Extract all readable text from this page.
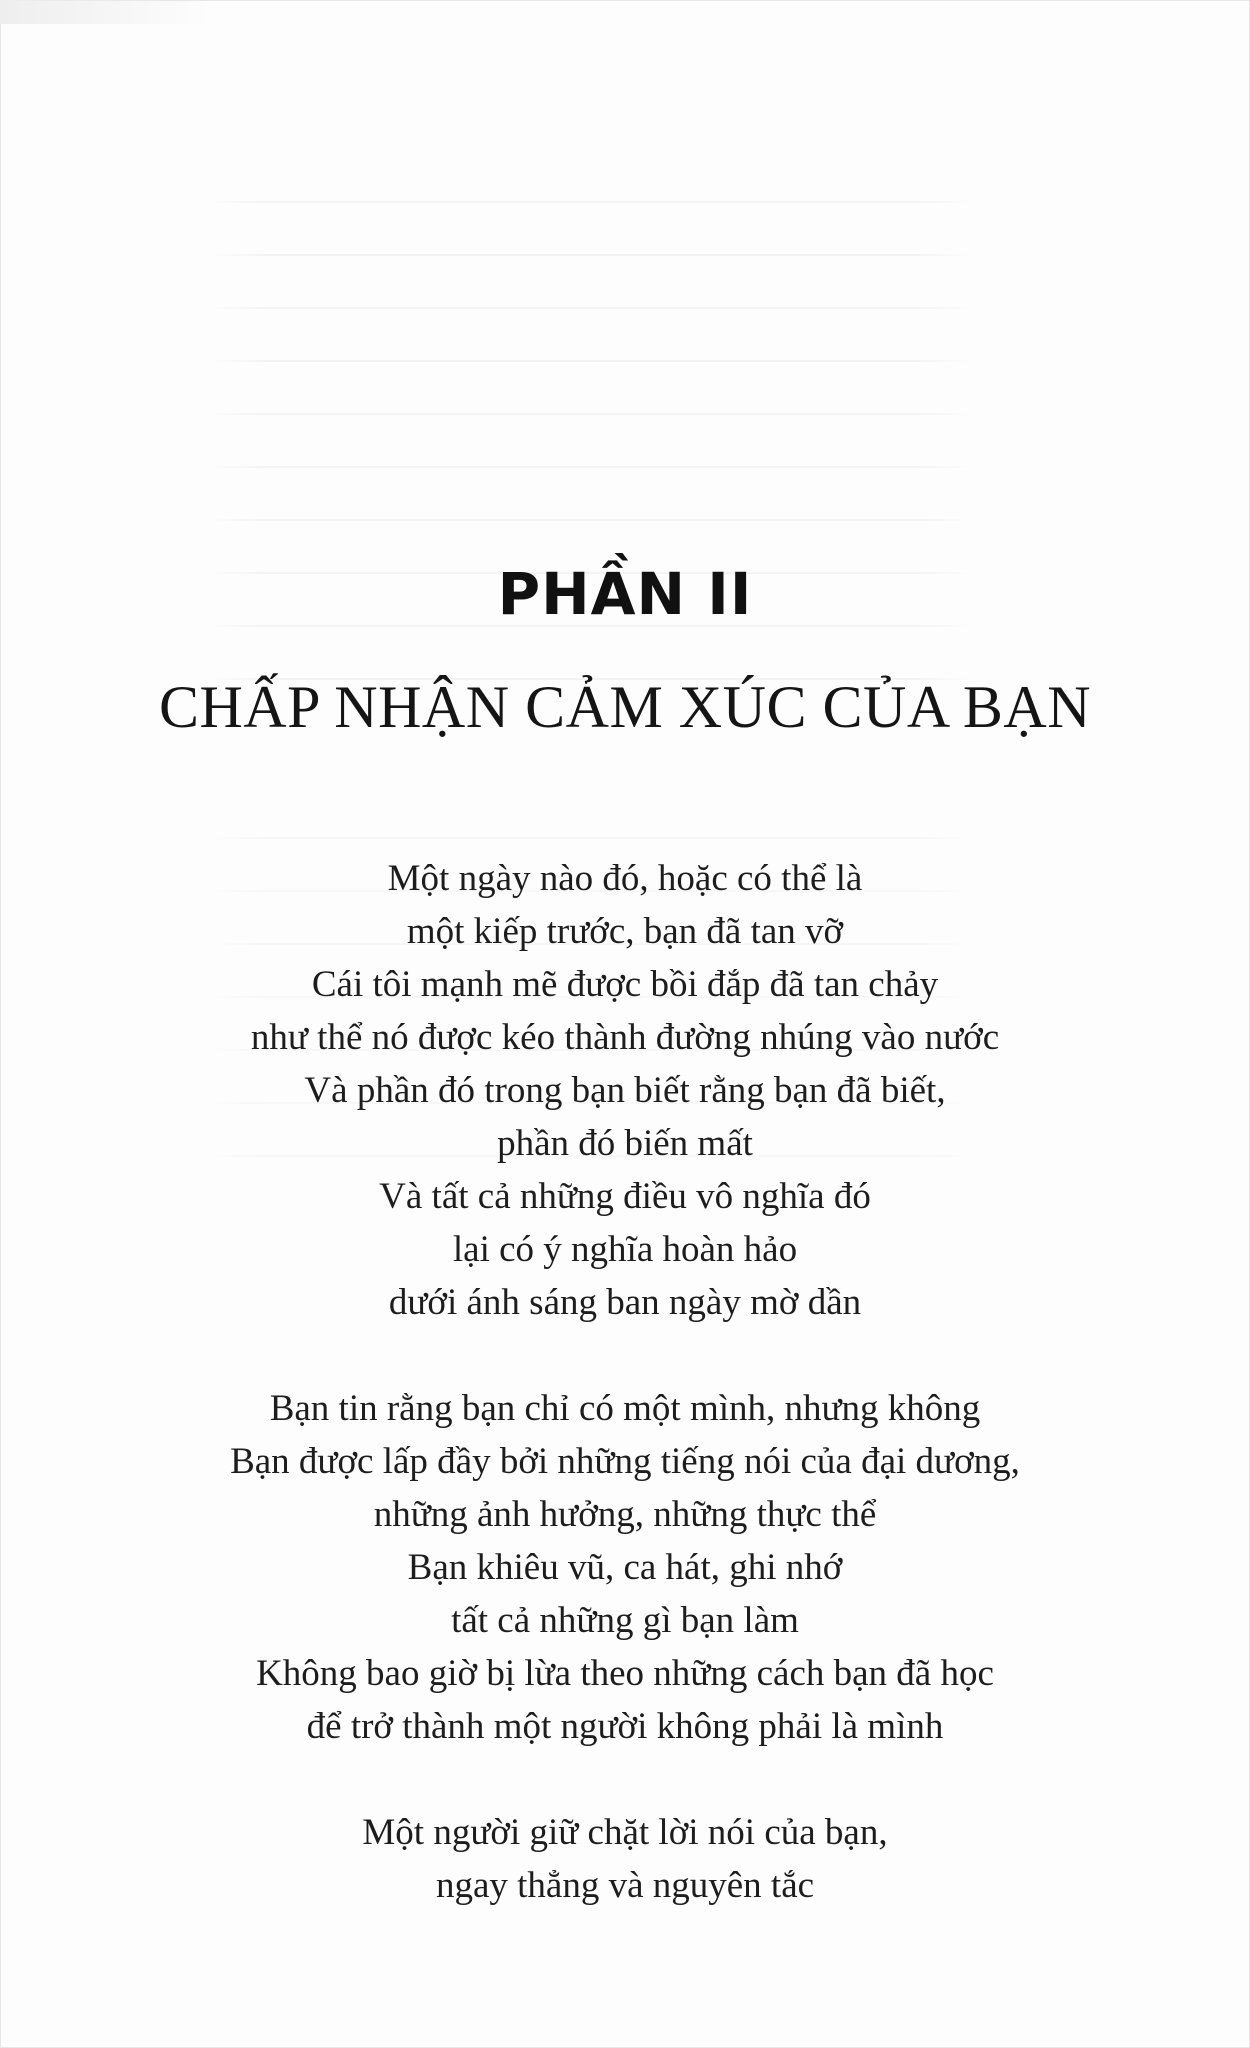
PHẦN II
CHẤP NHẬN CẢM XÚC CỦA BẠN
Một ngày nào đó, hoặc có thể là
một kiếp trước, bạn đã tan vỡ
Cái tôi mạnh mẽ được bồi đắp đã tan chảy
như thể nó được kéo thành đường nhúng vào nước
Và phần đó trong bạn biết rằng bạn đã biết,
phần đó biến mất
Và tất cả những điều vô nghĩa đó
lại có ý nghĩa hoàn hảo
dưới ánh sáng ban ngày mờ dần
Bạn tin rằng bạn chỉ có một mình, nhưng không
Bạn được lấp đầy bởi những tiếng nói của đại dương,
những ảnh hưởng, những thực thể
Bạn khiêu vũ, ca hát, ghi nhớ
tất cả những gì bạn làm
Không bao giờ bị lừa theo những cách bạn đã học
để trở thành một người không phải là mình
Một người giữ chặt lời nói của bạn,
ngay thẳng và nguyên tắc
